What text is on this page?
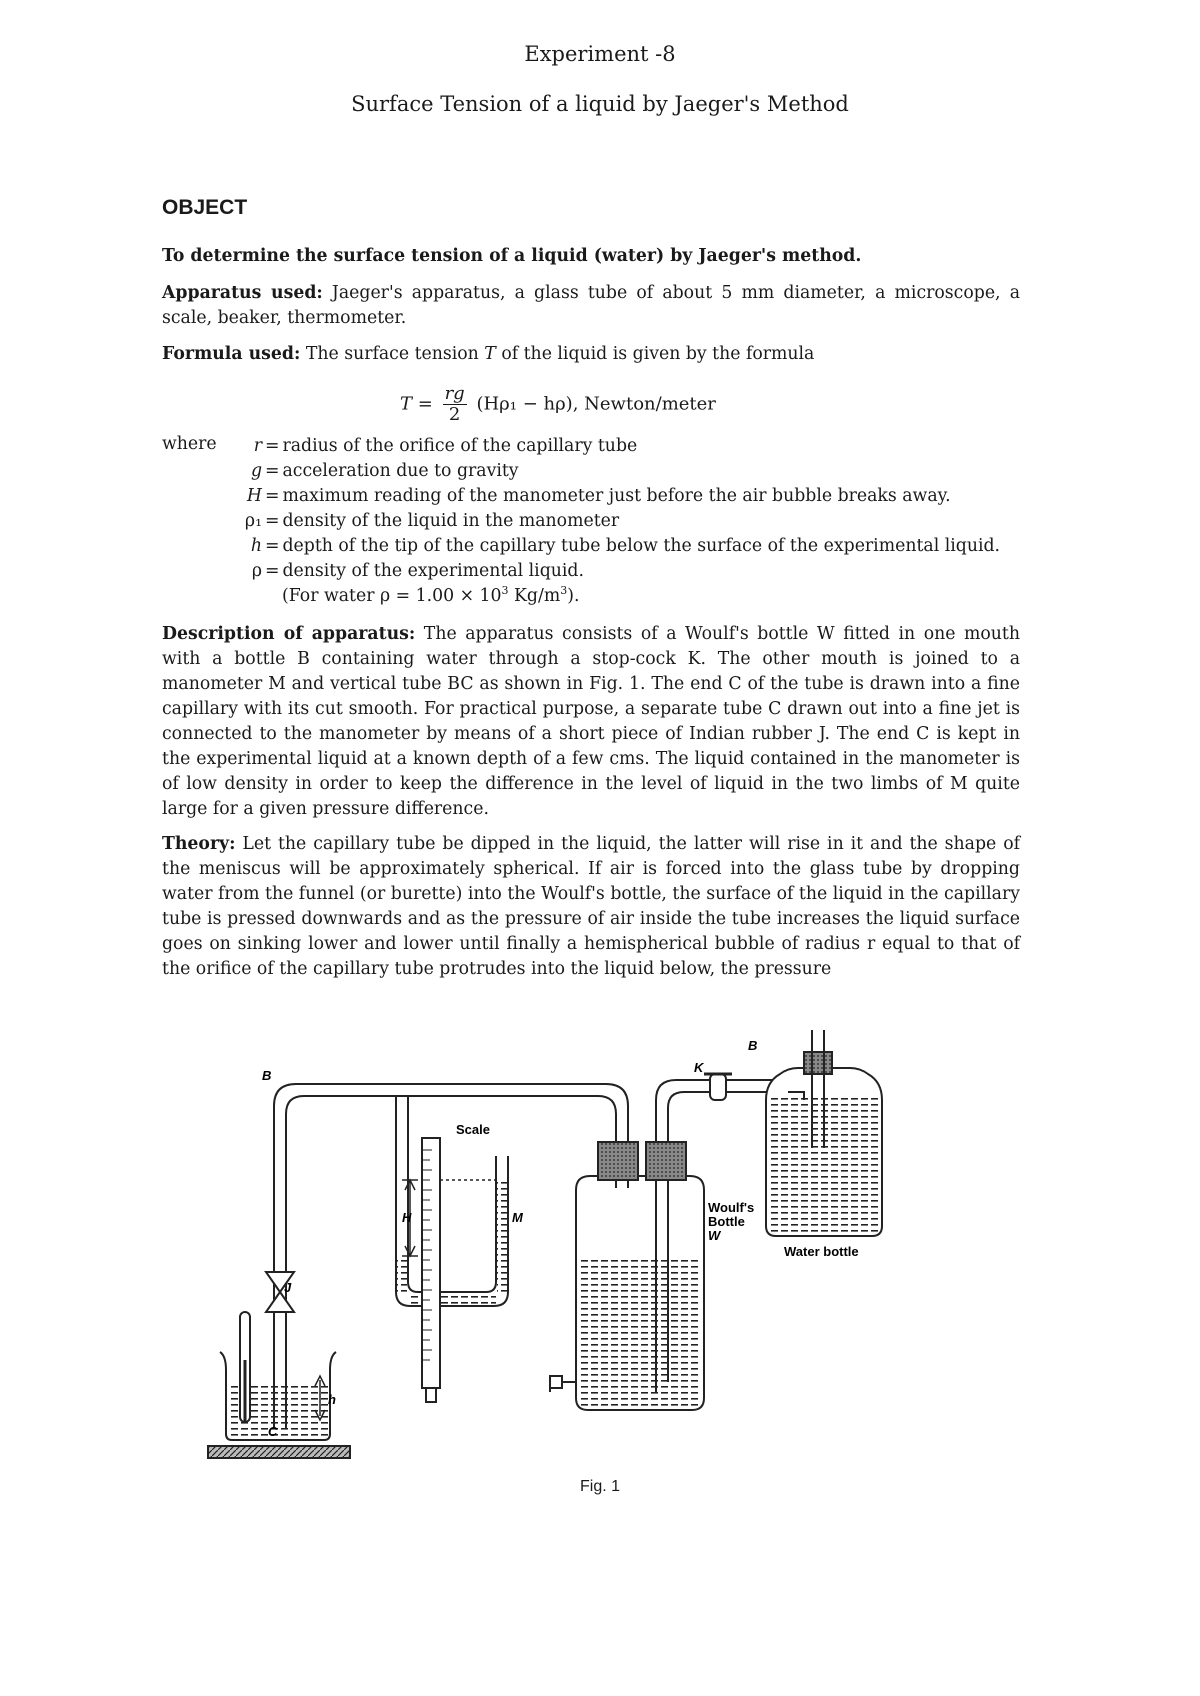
Experiment -8
Surface Tension of a liquid by Jaeger's Method
OBJECT
To determine the surface tension of a liquid (water) by Jaeger's method.
Apparatus used: Jaeger's apparatus, a glass tube of about 5 mm diameter, a microscope, a scale, beaker, thermometer.
Formula used: The surface tension T of the liquid is given by the formula
$T = \frac{rg}{2} (H\rho_1 - h\rho)$, Newton/meter
where	r = radius of the orifice of the capillary tube
g = acceleration due to gravity
H = maximum reading of the manometer just before the air bubble breaks away.
ρ₁ = density of the liquid in the manometer
h = depth of the tip of the capillary tube below the surface of the experimental liquid.
ρ = density of the experimental liquid.
(For water $\rho = 1.00 \times 10^3$ $Kg/m^3$).
Description of apparatus: The apparatus consists of a Woulf's bottle W fitted in one mouth with a bottle B containing water through a stop-cock K. The other mouth is joined to a manometer M and vertical tube BC as shown in Fig. 1. The end C of the tube is drawn into a fine capillary with its cut smooth. For practical purpose, a separate tube C drawn out into a fine jet is connected to the manometer by means of a short piece of Indian rubber J. The end C is kept in the experimental liquid at a known depth of a few cms. The liquid contained in the manometer is of low density in order to keep the difference in the level of liquid in the two limbs of M quite large for a given pressure difference.
Theory: Let the capillary tube be dipped in the liquid, the latter will rise in it and the shape of the meniscus will be approximately spherical. If air is forced into the glass tube by dropping water from the funnel (or burette) into the Woulf's bottle, the surface of the liquid in the capillary tube is pressed downwards and as the pressure of air inside the tube increases the liquid surface goes on sinking lower and lower until finally a hemispherical bubble of radius r equal to that of the orifice of the capillary tube protrudes into the liquid below, the pressure
B
J
h
C
Scale
H	M
K
B
Water bottle
Woulf's
Bottle
W
Fig. 1
